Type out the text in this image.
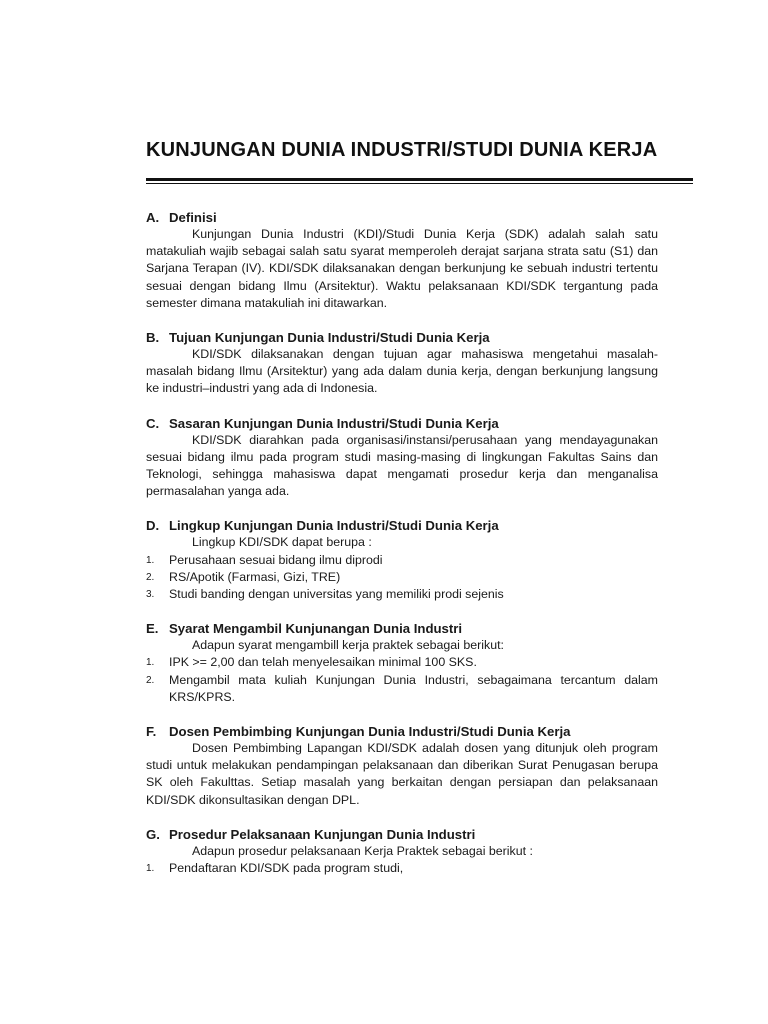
KUNJUNGAN DUNIA INDUSTRI/STUDI DUNIA KERJA
A. Definisi

Kunjungan Dunia Industri (KDI)/Studi Dunia Kerja (SDK) adalah salah satu matakuliah wajib sebagai salah satu syarat memperoleh derajat sarjana strata satu (S1) dan Sarjana Terapan (IV). KDI/SDK dilaksanakan dengan berkunjung ke sebuah industri tertentu sesuai dengan bidang Ilmu (Arsitektur). Waktu pelaksanaan KDI/SDK tergantung pada semester dimana matakuliah ini ditawarkan.

B. Tujuan Kunjungan Dunia Industri/Studi Dunia Kerja

KDI/SDK dilaksanakan dengan tujuan agar mahasiswa mengetahui masalah-masalah bidang Ilmu (Arsitektur) yang ada dalam dunia kerja, dengan berkunjung langsung ke industri–industri yang ada di Indonesia.

C. Sasaran Kunjungan Dunia Industri/Studi Dunia Kerja

KDI/SDK diarahkan pada organisasi/instansi/perusahaan yang mendayagunakan sesuai bidang ilmu pada program studi masing-masing di lingkungan Fakultas Sains dan Teknologi, sehingga mahasiswa dapat mengamati prosedur kerja dan menganalisa permasalahan yanga ada.

D. Lingkup Kunjungan Dunia Industri/Studi Dunia Kerja

Lingkup KDI/SDK dapat berupa :

1.	Perusahaan sesuai bidang ilmu diprodi
2.	RS/Apotik (Farmasi, Gizi, TRE)
3.	Studi banding dengan universitas yang memiliki prodi sejenis
E. Syarat Mengambil Kunjunangan Dunia Industri

Adapun syarat mengambill kerja praktek sebagai berikut:

1.	IPK >= 2,00 dan telah menyelesaikan minimal 100 SKS.
2.	Mengambil mata kuliah Kunjungan Dunia Industri, sebagaimana tercantum dalam KRS/KPRS.
F. Dosen Pembimbing Kunjungan Dunia Industri/Studi Dunia Kerja

Dosen Pembimbing Lapangan KDI/SDK adalah dosen yang ditunjuk oleh program studi untuk melakukan pendampingan pelaksanaan dan diberikan Surat Penugasan berupa SK oleh Fakulttas. Setiap masalah yang berkaitan dengan persiapan dan pelaksanaan KDI/SDK dikonsultasikan dengan DPL.

G. Prosedur Pelaksanaan Kunjungan Dunia Industri

Adapun prosedur pelaksanaan Kerja Praktek sebagai berikut :

1.	Pendaftaran KDI/SDK pada program studi,
